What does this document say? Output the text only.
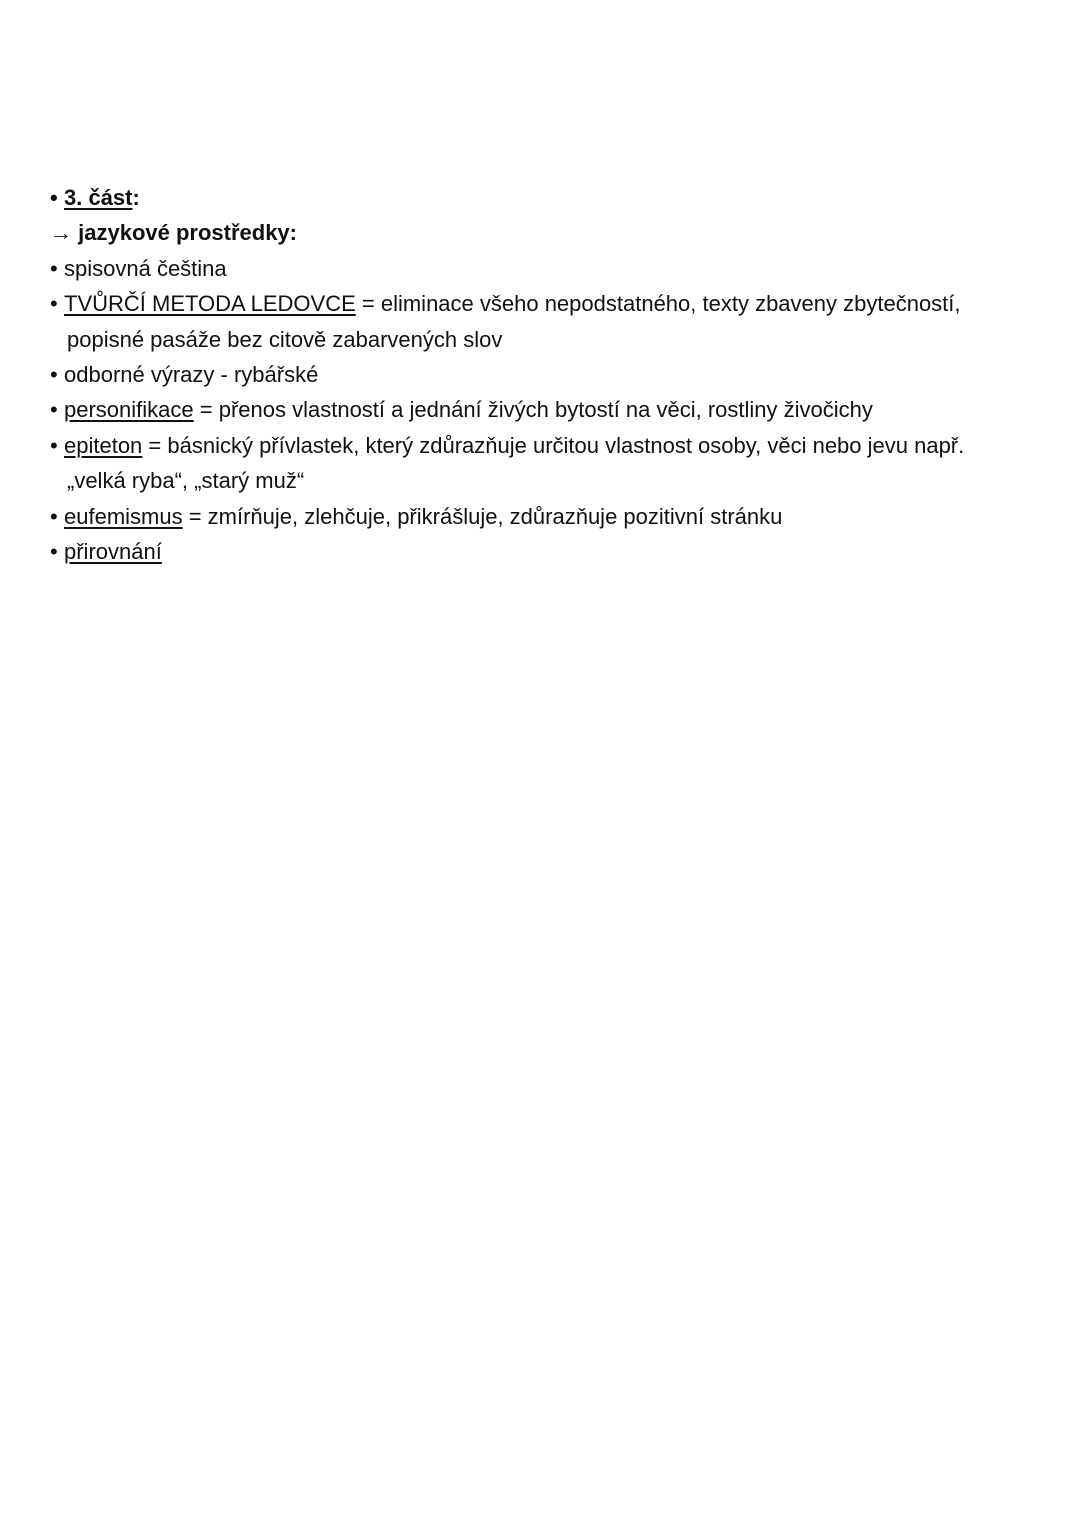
• 3. část:
→ jazykové prostředky:
• spisovná čeština
• TVŮRČÍ METODA LEDOVCE = eliminace všeho nepodstatného, texty zbaveny zbytečností,
popisné pasáže bez citově zabarvených slov
• odborné výrazy - rybářské
• personifikace = přenos vlastností a jednání živých bytostí na věci, rostliny živočichy
• epiteton = básnický přívlastek, který zdůrazňuje určitou vlastnost osoby, věci nebo jevu např.
„velká ryba“, „starý muž“
• eufemismus = zmírňuje, zlehčuje, přikrášluje, zdůrazňuje pozitivní stránku
• přirovnání
